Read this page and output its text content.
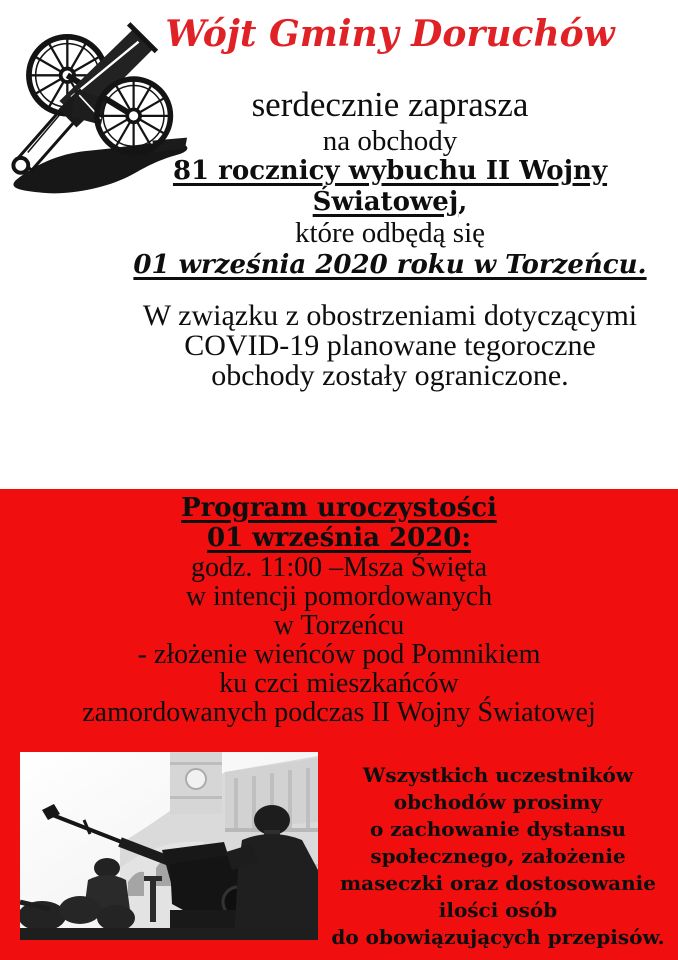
Wójt Gminy Doruchów

serdecznie zaprasza

na obchody

81 rocznicy wybuchu II Wojny

Światowej,

które odbędą się

01 września 2020 roku w Torzeńcu.

W związku z obostrzeniami dotyczącymi

COVID-19 planowane tegoroczne

obchody zostały ograniczone.

Program uroczystości

01 września 2020:

godz. 11:00 –Msza Święta

w intencji pomordowanych

w Torzeńcu

- złożenie wieńców pod Pomnikiem

ku czci mieszkańców

zamordowanych podczas II Wojny Światowej

Wszystkich uczestników

obchodów prosimy

o zachowanie dystansu

społecznego, założenie

maseczki oraz dostosowanie

ilości osób

do obowiązujących przepisów.
